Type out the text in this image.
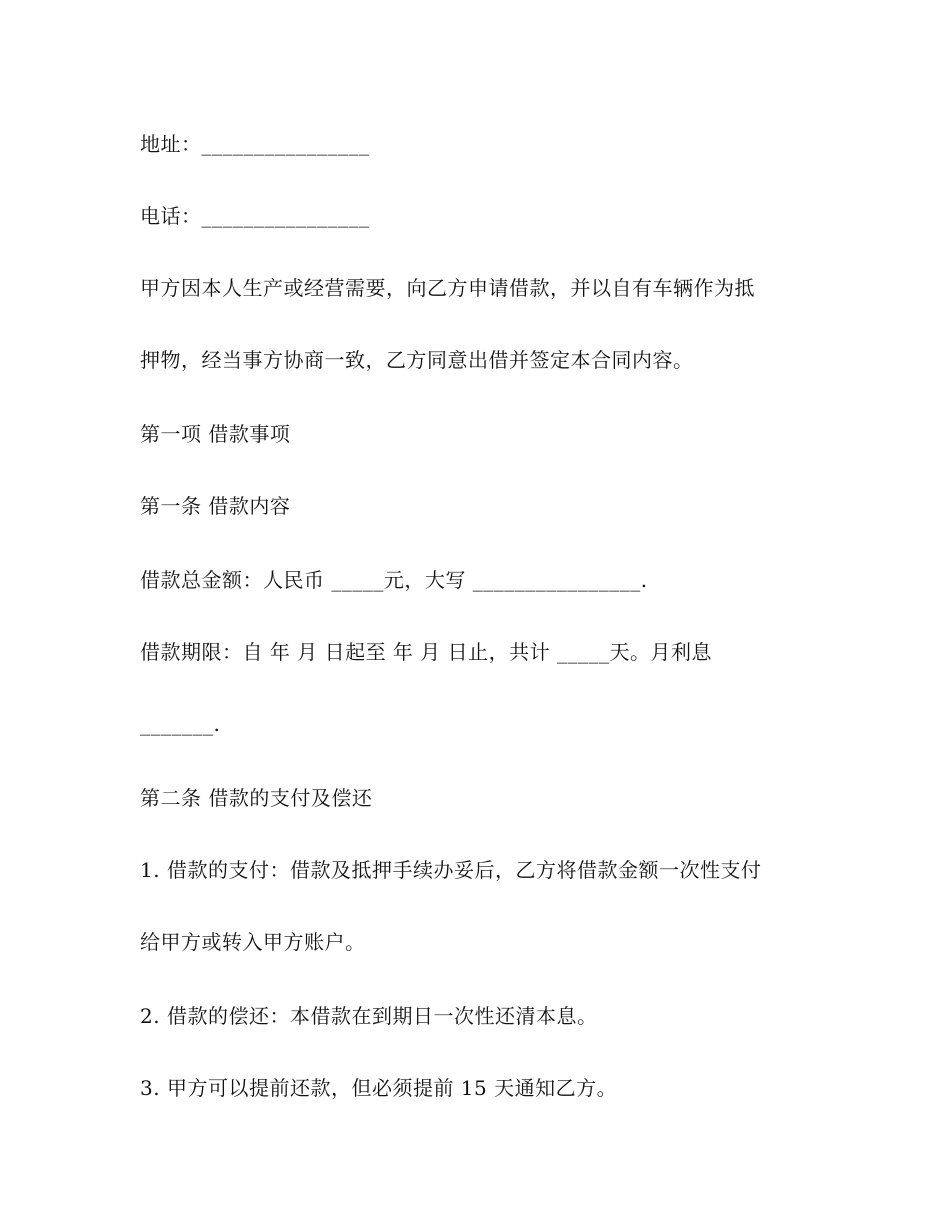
地址：________________
电话：________________
甲方因本人生产或经营需要，向乙方申请借款，并以自有车辆作为抵
押物，经当事方协商一致，乙方同意出借并签定本合同内容。
第一项 借款事项
第一条 借款内容
借款总金额：人民币 _____元，大写 ________________.
借款期限：自 年 月 日起至 年 月 日止，共计 _____天。月利息
_______.
第二条 借款的支付及偿还
1. 借款的支付：借款及抵押手续办妥后，乙方将借款金额一次性支付
给甲方或转入甲方账户。
2. 借款的偿还：本借款在到期日一次性还清本息。
3. 甲方可以提前还款，但必须提前 15 天通知乙方。
